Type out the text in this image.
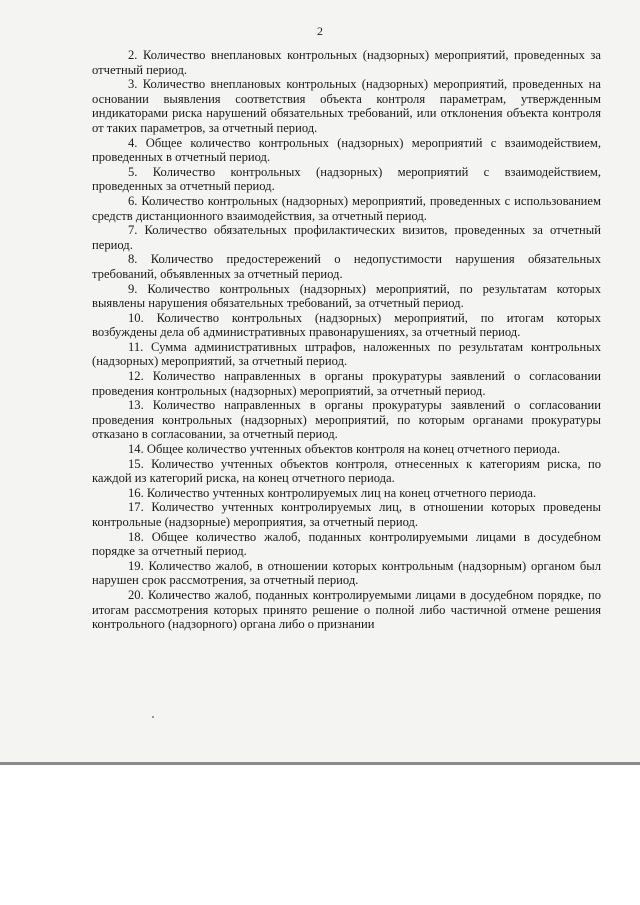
2

2. Количество внеплановых контрольных (надзорных) мероприятий, проведенных за отчетный период.

3. Количество внеплановых контрольных (надзорных) мероприятий, проведенных на основании выявления соответствия объекта контроля параметрам, утвержденным индикаторами риска нарушений обязательных требований, или отклонения объекта контроля от таких параметров, за отчетный период.

4. Общее количество контрольных (надзорных) мероприятий с взаимодействием, проведенных в отчетный период.

5. Количество контрольных (надзорных) мероприятий с взаимодействием, проведенных за отчетный период.

6. Количество контрольных (надзорных) мероприятий, проведенных с использованием средств дистанционного взаимодействия, за отчетный период.

7. Количество обязательных профилактических визитов, проведенных за отчетный период.

8. Количество предостережений о недопустимости нарушения обязательных требований, объявленных за отчетный период.

9. Количество контрольных (надзорных) мероприятий, по результатам которых выявлены нарушения обязательных требований, за отчетный период.

10. Количество контрольных (надзорных) мероприятий, по итогам которых возбуждены дела об административных правонарушениях, за отчетный период.

11. Сумма административных штрафов, наложенных по результатам контрольных (надзорных) мероприятий, за отчетный период.

12. Количество направленных в органы прокуратуры заявлений о согласовании проведения контрольных (надзорных) мероприятий, за отчетный период.

13. Количество направленных в органы прокуратуры заявлений о согласовании проведения контрольных (надзорных) мероприятий, по которым органами прокуратуры отказано в согласовании, за отчетный период.

14. Общее количество учтенных объектов контроля на конец отчетного периода.

15. Количество учтенных объектов контроля, отнесенных к категориям риска, по каждой из категорий риска, на конец отчетного периода.

16. Количество учтенных контролируемых лиц на конец отчетного периода.

17. Количество учтенных контролируемых лиц, в отношении которых проведены контрольные (надзорные) мероприятия, за отчетный период.

18. Общее количество жалоб, поданных контролируемыми лицами в досудебном порядке за отчетный период.

19. Количество жалоб, в отношении которых контрольным (надзорным) органом был нарушен срок рассмотрения, за отчетный период.

20. Количество жалоб, поданных контролируемыми лицами в досудебном порядке, по итогам рассмотрения которых принято решение о полной либо частичной отмене решения контрольного (надзорного) органа либо о признании
